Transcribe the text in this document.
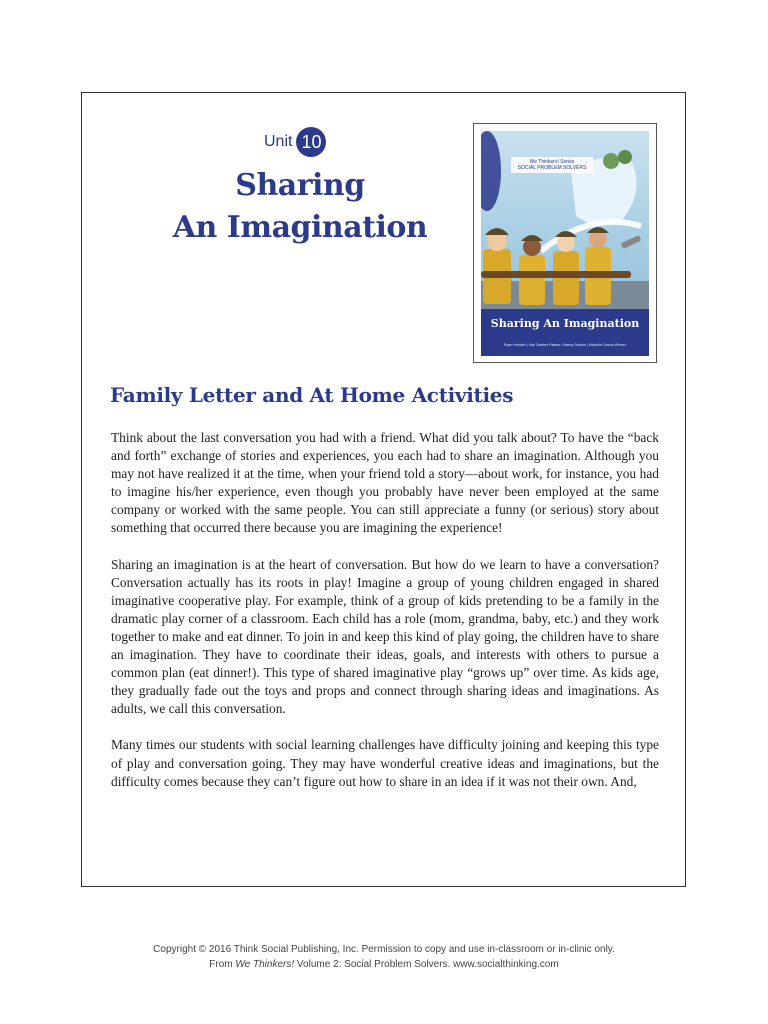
Unit 10
Sharing
An Imagination
We Thinkers! Series
SOCIAL PROBLEM SOLVERS
Sharing An Imagination
Ryan Hendrix | Kari Zweber Palmer | Nancy Tarshis | Michelle Garcia Winner
Family Letter and At Home Activities

Think about the last conversation you had with a friend. What did you talk about? To have the “back and forth” exchange of stories and experiences, you each had to share an imagination. Although you may not have realized it at the time, when your friend told a story—about work, for instance, you had to imagine his/her experience, even though you probably have never been employed at the same company or worked with the same people. You can still appreciate a funny (or serious) story about something that occurred there because you are imagining the experience!

Sharing an imagination is at the heart of conversation. But how do we learn to have a conversation? Conversation actually has its roots in play! Imagine a group of young children engaged in shared imaginative cooperative play. For example, think of a group of kids pretending to be a family in the dramatic play corner of a classroom. Each child has a role (mom, grandma, baby, etc.) and they work together to make and eat dinner. To join in and keep this kind of play going, the children have to share an imagination. They have to coordinate their ideas, goals, and interests with others to pursue a common plan (eat dinner!). This type of shared imaginative play “grows up” over time. As kids age, they gradually fade out the toys and props and connect through sharing ideas and imaginations. As adults, we call this conversation.

Many times our students with social learning challenges have difficulty joining and keeping this type of play and conversation going. They may have wonderful creative ideas and imaginations, but the difficulty comes because they can’t figure out how to share in an idea if it was not their own. And,

Copyright © 2016 Think Social Publishing, Inc. Permission to copy and use in-classroom or in-clinic only.
From We Thinkers! Volume 2: Social Problem Solvers. www.socialthinking.com
